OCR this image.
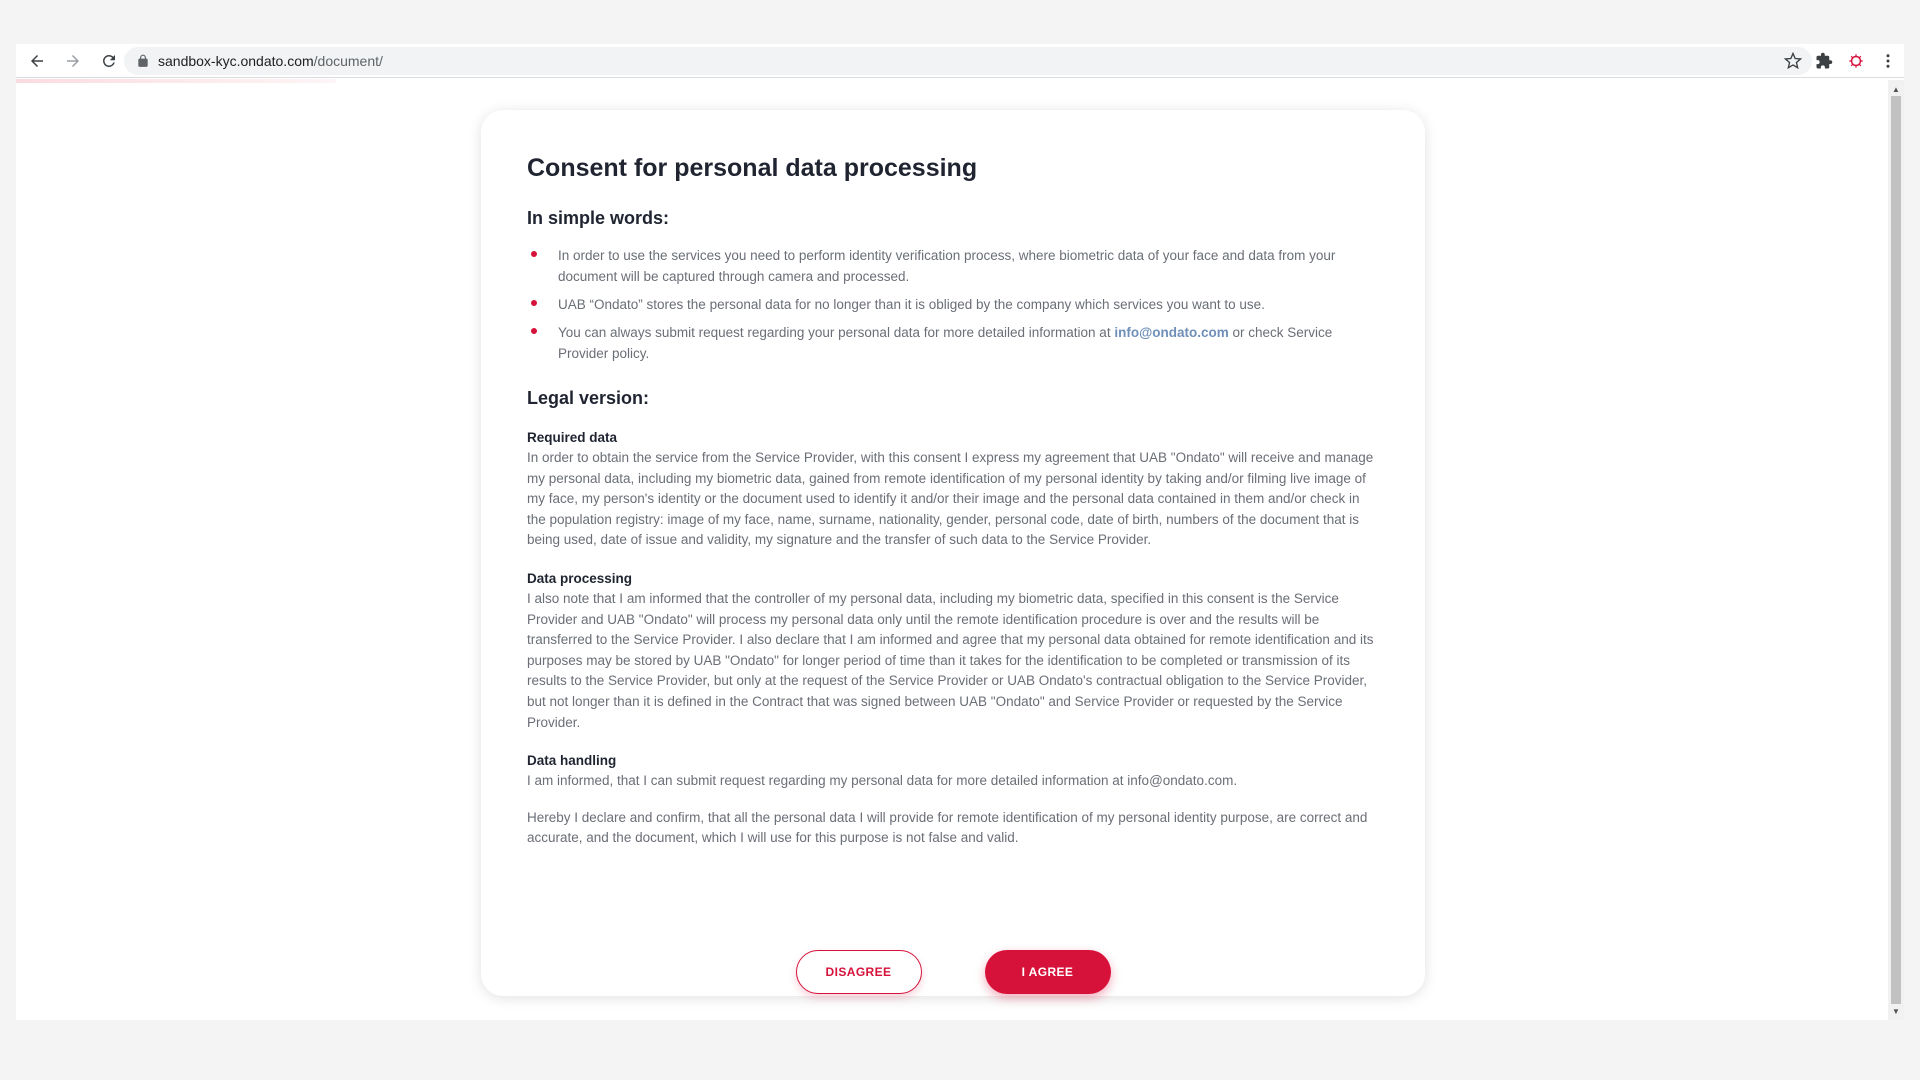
sandbox-kyc.ondato.com /document/
▲
▼
Consent for personal data processing
In simple words:
In order to use the services you need to perform identity verification process, where biometric data of your face and data from your document will be captured through camera and processed.
UAB “Ondato” stores the personal data for no longer than it is obliged by the company which services you want to use.
You can always submit request regarding your personal data for more detailed information at info@ondato.com or check Service Provider policy.
Legal version:
Required data

In order to obtain the service from the Service Provider, with this consent I express my agreement that UAB "Ondato" will receive and manage my personal data, including my biometric data, gained from remote identification of my personal identity by taking and/or filming live image of my face, my person's identity or the document used to identify it and/or their image and the personal data contained in them and/or check in the population registry: image of my face, name, surname, nationality, gender, personal code, date of birth, numbers of the document that is being used, date of issue and validity, my signature and the transfer of such data to the Service Provider.

Data processing

I also note that I am informed that the controller of my personal data, including my biometric data, specified in this consent is the Service Provider and UAB "Ondato" will process my personal data only until the remote identification procedure is over and the results will be transferred to the Service Provider. I also declare that I am informed and agree that my personal data obtained for remote identification and its purposes may be stored by UAB "Ondato" for longer period of time than it takes for the identification to be completed or transmission of its results to the Service Provider, but only at the request of the Service Provider or UAB Ondato's contractual obligation to the Service Provider, but not longer than it is defined in the Contract that was signed between UAB "Ondato" and Service Provider or requested by the Service Provider.

Data handling

I am informed, that I can submit request regarding my personal data for more detailed information at info@ondato.com.

Hereby I declare and confirm, that all the personal data I will provide for remote identification of my personal identity purpose, are correct and accurate, and the document, which I will use for this purpose is not false and valid.

DISAGREE	I AGREE
